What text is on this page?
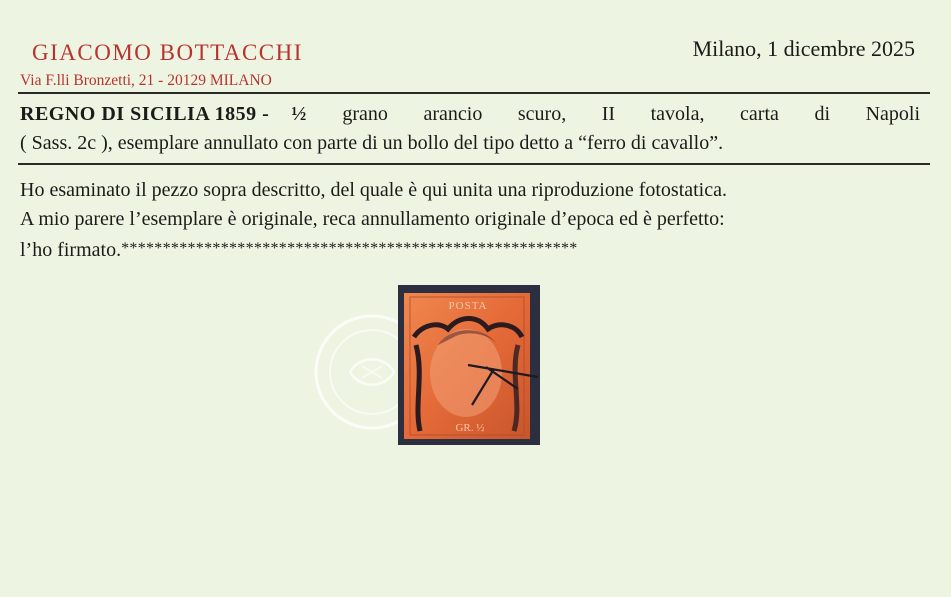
GIACOMO BOTTACCHI
Via F.lli Bronzetti, 21 - 20129 MILANO
Milano, 1 dicembre 2025
REGNO DI SICILIA 1859 - ½ grano arancio scuro, II tavola, carta di Napoli
( Sass. 2c ), esemplare annullato con parte di un bollo del tipo detto a “ferro di cavallo”.
Ho esaminato il pezzo sopra descritto, del quale è qui unita una riproduzione fotostatica.
A mio parere l’esemplare è originale, reca annullamento originale d’epoca ed è perfetto:
l’ho firmato.*******************************************************
POSTA
GR. ½
